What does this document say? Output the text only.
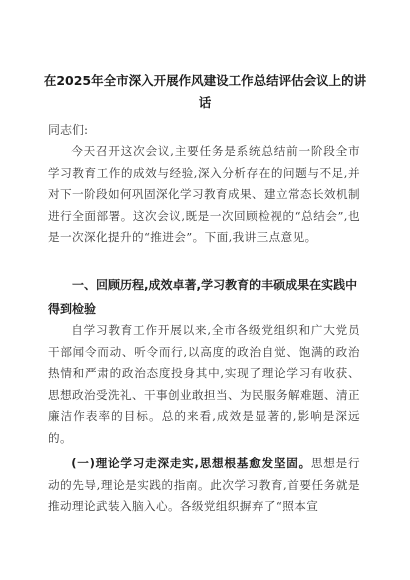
在2025年全市深入开展作风建设工作总结评估会议上的讲话
同志们:

今天召开这次会议,主要任务是系统总结前一阶段全市学习教育工作的成效与经验,深入分析存在的问题与不足,并对下一阶段如何巩固深化学习教育成果、建立常态长效机制进行全面部署。这次会议,既是一次回顾检视的“总结会”,也是一次深化提升的“推进会”。下面,我讲三点意见。

一、回顾历程,成效卓著,学习教育的丰硕成果在实践中得到检验

自学习教育工作开展以来,全市各级党组织和广大党员干部闻令而动、听令而行,以高度的政治自觉、饱满的政治热情和严肃的政治态度投身其中,实现了理论学习有收获、思想政治受洗礼、干事创业敢担当、为民服务解难题、清正廉洁作表率的目标。总的来看,成效是显著的,影响是深远的。

(一)理论学习走深走实,思想根基愈发坚固。思想是行动的先导,理论是实践的指南。此次学习教育,首要任务就是推动理论武装入脑入心。各级党组织摒弃了“照本宣
